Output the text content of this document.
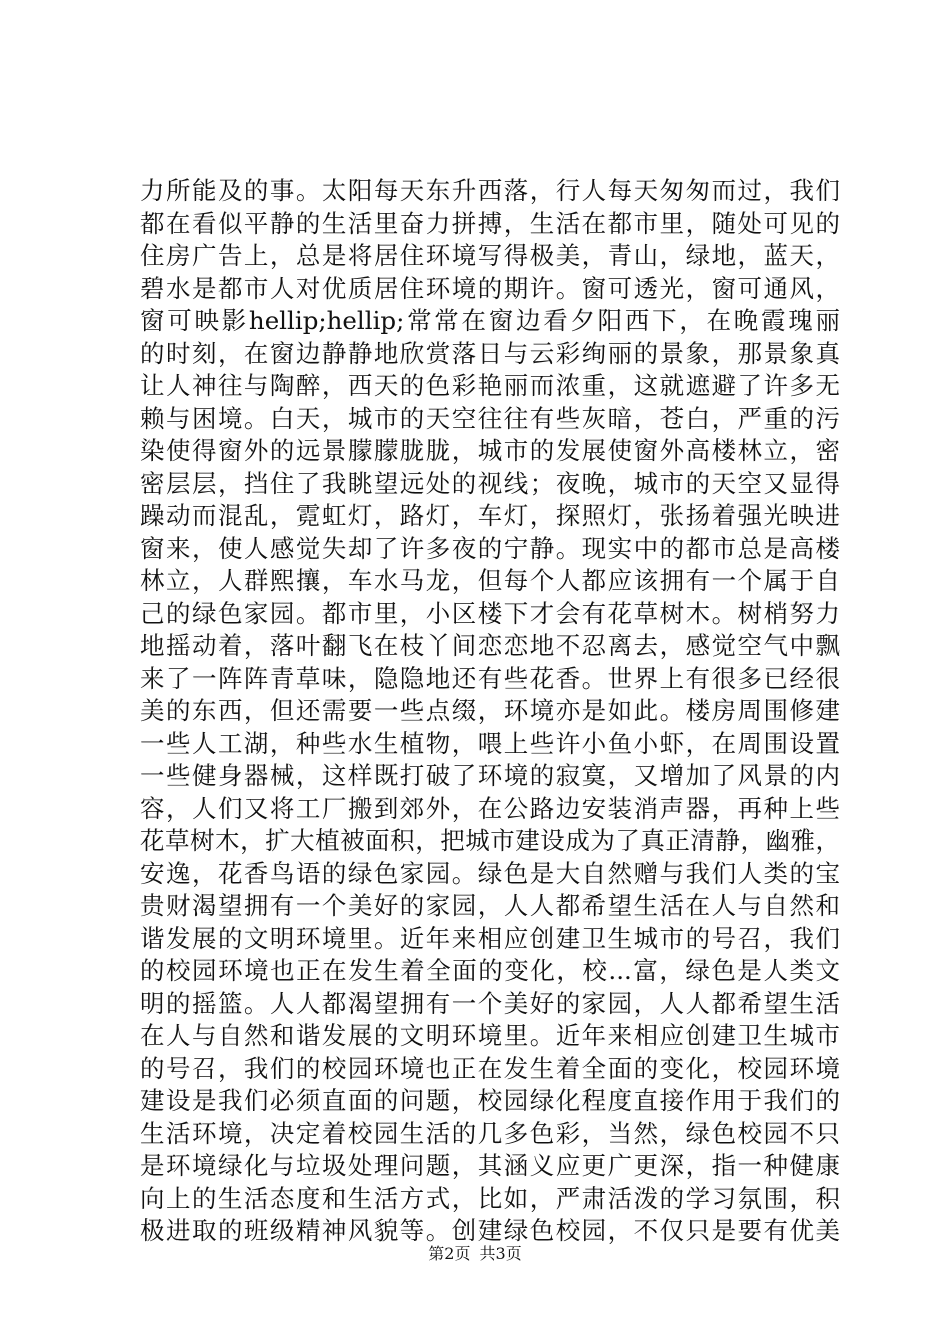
力所能及的事。太阳每天东升西落，行人每天匆匆而过，我们
都在看似平静的生活里奋力拼搏，生活在都市里，随处可见的
住房广告上，总是将居住环境写得极美，青山，绿地，蓝天，
碧水是都市人对优质居住环境的期许。窗可透光，窗可通风，
窗可映影hellip;hellip;常常在窗边看夕阳西下，在晚霞瑰丽
的时刻，在窗边静静地欣赏落日与云彩绚丽的景象，那景象真
让人神往与陶醉，西天的色彩艳丽而浓重，这就遮避了许多无
赖与困境。白天，城市的天空往往有些灰暗，苍白，严重的污
染使得窗外的远景朦朦胧胧，城市的发展使窗外高楼林立，密
密层层，挡住了我眺望远处的视线；夜晚，城市的天空又显得
躁动而混乱，霓虹灯，路灯，车灯，探照灯，张扬着强光映进
窗来，使人感觉失却了许多夜的宁静。现实中的都市总是高楼
林立，人群熙攘，车水马龙，但每个人都应该拥有一个属于自
己的绿色家园。都市里，小区楼下才会有花草树木。树梢努力
地摇动着，落叶翻飞在枝丫间恋恋地不忍离去，感觉空气中飘
来了一阵阵青草味，隐隐地还有些花香。世界上有很多已经很
美的东西，但还需要一些点缀，环境亦是如此。楼房周围修建
一些人工湖，种些水生植物，喂上些许小鱼小虾，在周围设置
一些健身器械，这样既打破了环境的寂寞，又增加了风景的内
容，人们又将工厂搬到郊外，在公路边安装消声器，再种上些
花草树木，扩大植被面积，把城市建设成为了真正清静，幽雅，
安逸，花香鸟语的绿色家园。绿色是大自然赠与我们人类的宝
贵财渴望拥有一个美好的家园，人人都希望生活在人与自然和
谐发展的文明环境里。近年来相应创建卫生城市的号召，我们
的校园环境也正在发生着全面的变化，校...富，绿色是人类文
明的摇篮。人人都渴望拥有一个美好的家园，人人都希望生活
在人与自然和谐发展的文明环境里。近年来相应创建卫生城市
的号召，我们的校园环境也正在发生着全面的变化，校园环境
建设是我们必须直面的问题，校园绿化程度直接作用于我们的
生活环境，决定着校园生活的几多色彩，当然，绿色校园不只
是环境绿化与垃圾处理问题，其涵义应更广更深，指一种健康
向上的生活态度和生活方式，比如，严肃活泼的学习氛围，积
极进取的班级精神风貌等。创建绿色校园，不仅只是要有优美
第2页 共3页
